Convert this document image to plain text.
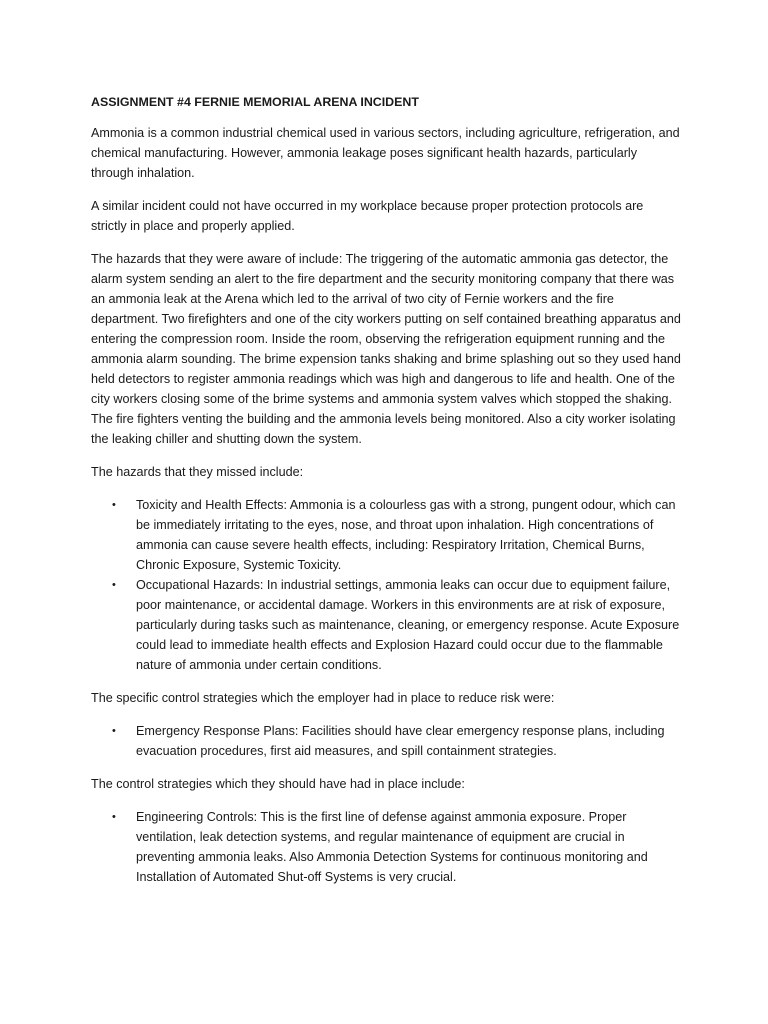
ASSIGNMENT #4 FERNIE MEMORIAL ARENA INCIDENT

Ammonia is a common industrial chemical used in various sectors, including agriculture, refrigeration, and chemical manufacturing. However, ammonia leakage poses significant health hazards, particularly through inhalation.

A similar incident could not have occurred in my workplace because proper protection protocols are strictly in place and properly applied.

The hazards that they were aware of include: The triggering of the automatic ammonia gas detector, the alarm system sending an alert to the fire department and the security monitoring company that there was an ammonia leak at the Arena which led to the arrival of two city of Fernie workers and the fire department. Two firefighters and one of the city workers putting on self contained breathing apparatus and entering the compression room. Inside the room, observing the refrigeration equipment running and the ammonia alarm sounding. The brime expension tanks shaking and brime splashing out so they used hand held detectors to register ammonia readings which was high and dangerous to life and health. One of the city workers closing some of the brime systems and ammonia system valves which stopped the shaking. The fire fighters venting the building and the ammonia levels being monitored. Also a city worker isolating the leaking chiller and shutting down the system.

The hazards that they missed include:

• Toxicity and Health Effects: Ammonia is a colourless gas with a strong, pungent odour, which can be immediately irritating to the eyes, nose, and throat upon inhalation. High concentrations of ammonia can cause severe health effects, including: Respiratory Irritation, Chemical Burns, Chronic Exposure, Systemic Toxicity.
• Occupational Hazards: In industrial settings, ammonia leaks can occur due to equipment failure, poor maintenance, or accidental damage. Workers in this environments are at risk of exposure, particularly during tasks such as maintenance, cleaning, or emergency response. Acute Exposure could lead to immediate health effects and Explosion Hazard could occur due to the flammable nature of ammonia under certain conditions.

The specific control strategies which the employer had in place to reduce risk were:

• Emergency Response Plans: Facilities should have clear emergency response plans, including evacuation procedures, first aid measures, and spill containment strategies.

The control strategies which they should have had in place include:

• Engineering Controls: This is the first line of defense against ammonia exposure. Proper ventilation, leak detection systems, and regular maintenance of equipment are crucial in preventing ammonia leaks. Also Ammonia Detection Systems for continuous monitoring and Installation of Automated Shut-off Systems is very crucial.
